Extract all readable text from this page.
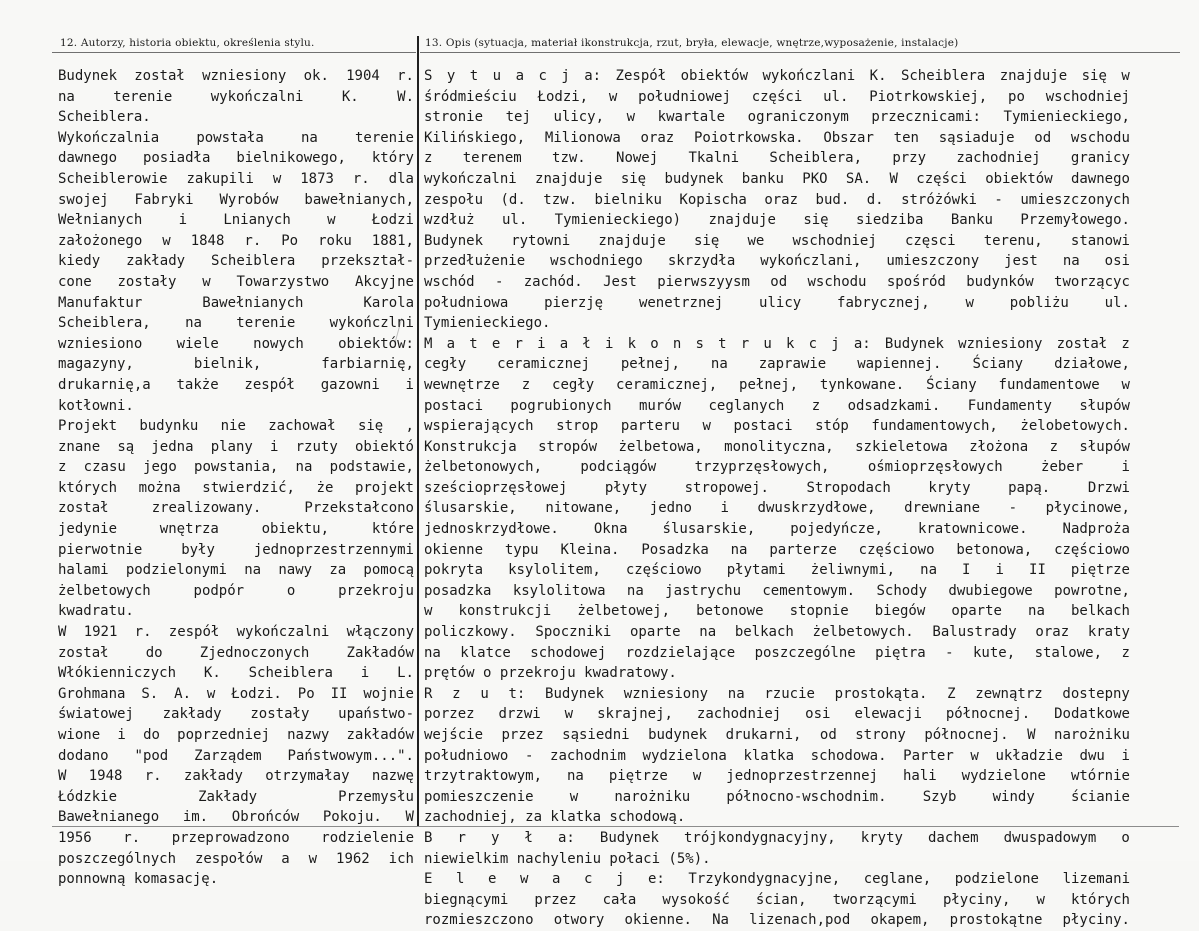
12. Autorzy, historia obiektu, określenia stylu.	13. Opis (sytuacja, materiał ikonstrukcja, rzut, bryła, elewacje, wnętrze,wyposażenie, instalacje)
Budynek został wzniesiony ok. 1904 r.
na	terenie	wykończalni	K.	W.
Scheiblera.
Wykończalnia	powstała	na	terenie
dawnego posiadła bielnikowego, który
Scheiblerowie zakupili w 1873 r. dla
swojej Fabryki Wyrobów bawełnianych,
Wełnianych	i	Lnianych	w	Łodzi
założonego w 1848 r. Po roku 1881,
kiedy zakłady Scheiblera przekształ-
cone zostały w Towarzystwo Akcyjne
Manufaktur	Bawełnianych	Karola
Scheiblera, na terenie wykończlni
wzniesiono wiele nowych obiektów:
magazyny,	bielnik,	farbiarnię,
drukarnię,a także zespół gazowni i
kotłowni.
Projekt budynku nie zachował się ,
znane są jedna plany i rzuty obiektó
z czasu jego powstania, na podstawie,
których można stwierdzić, że projekt
został	zrealizowany.	Przekstałcono
jedynie	wnętrza	obiektu,	które
pierwotnie	były	jednoprzestrzennymi
halami podzielonymi na nawy za pomocą
żelbetowych	podpór	o	przekroju
kwadratu.
W 1921 r. zespół wykończalni włączony
został	do	Zjednoczonych	Zakładów
Włókienniczych K. Scheiblera i L.
Grohmana S. A. w Łodzi. Po II wojnie
światowej zakłady zostały upaństwo-
wione i do poprzedniej nazwy zakładów
dodano "pod Zarządem Państwowym...".
W 1948 r. zakłady otrzymałay nazwę
Łódzkie	Zakłady	Przemysłu
Bawełnianego im. Obrońców Pokoju. W
1956 r. przeprowadzono rodzielenie
poszczególnych zespołów a w 1962 ich
ponnowną komasację.
S y t u a c j a: Zespół obiektów wykończlani K. Scheiblera znajduje się w
śródmieściu Łodzi, w południowej części ul. Piotrkowskiej, po wschodniej
stronie tej ulicy, w kwartale ograniczonym przecznicami: Tymienieckiego,
Kilińskiego, Milionowa oraz Poiotrkowska. Obszar ten sąsiaduje od wschodu
z terenem tzw. Nowej Tkalni Scheiblera, przy zachodniej granicy
wykończalni znajduje się budynek banku PKO SA. W części obiektów dawnego
zespołu (d. tzw. bielniku Kopischa oraz bud. d. stróżówki - umieszczonych
wzdłuż ul. Tymienieckiego) znajduje się siedziba Banku Przemyłowego.
Budynek rytowni znajduje się we wschodniej częsci terenu, stanowi
przedłużenie wschodniego skrzydła wykończlani, umieszczony jest na osi
wschód - zachód. Jest pierwszyysm od wschodu spośród budynków tworzącyc
południowa	pierzję	wenetrznej	ulicy	fabrycznej,	w	pobliżu	ul.
Tymienieckiego.
M a t e r i a ł i k o n s t r u k c j a: Budynek wzniesiony został z
cegły ceramicznej pełnej, na zaprawie wapiennej. Ściany działowe,
wewnętrze z cegły ceramicznej, pełnej, tynkowane. Ściany fundamentowe w
postaci pogrubionych murów ceglanych z odsadzkami. Fundamenty słupów
wspierających strop parteru w postaci stóp fundamentowych, żelobetowych.
Konstrukcja stropów żelbetowa, monolityczna, szkieletowa złożona z słupów
żelbetonowych,	podciągów	trzyprzęsłowych,	ośmioprzęsłowych	żeber	i
sześcioprzęsłowej	płyty	stropowej.	Stropodach	kryty	papą.	Drzwi
ślusarskie, nitowane, jedno i dwuskrzydłowe, drewniane - płycinowe,
jednoskrzydłowe. Okna ślusarskie, pojedyńcze, kratownicowe. Nadproża
okienne typu Kleina. Posadzka na parterze częściowo betonowa, częściowo
pokryta ksylolitem, częściowo płytami żeliwnymi, na I i II piętrze
posadzka ksylolitowa na jastrychu cementowym. Schody dwubiegowe powrotne,
w konstrukcji żelbetowej, betonowe stopnie biegów oparte na belkach
policzkowy. Spoczniki oparte na belkach żelbetowych. Balustrady oraz kraty
na klatce schodowej rozdzielające poszczególne piętra - kute, stalowe, z
prętów o przekroju kwadratowy.
R z u t: Budynek wzniesiony na rzucie prostokąta. Z zewnątrz dostepny
porzez drzwi w skrajnej, zachodniej osi elewacji północnej. Dodatkowe
wejście przez sąsiedni budynek drukarni, od strony północnej. W narożniku
południowo - zachodnim wydzielona klatka schodowa. Parter w układzie dwu i
trzytraktowym, na piętrze w jednoprzestrzennej hali wydzielone wtórnie
pomieszczenie	w	narożniku	północno-wschodnim.	Szyb	windy	ścianie
zachodniej, za klatka schodową.
B r y ł a: Budynek trójkondygnacyjny, kryty dachem dwuspadowym o
niewielkim nachyleniu połaci (5%).
E l e w a c j e: Trzykondygnacyjne, ceglane, podzielone lizemani
biegnącymi przez cała wysokość ścian, tworzącymi płyciny, w których
rozmieszczono otwory okienne. Na lizenach,pod okapem, prostokątne płyciny.
